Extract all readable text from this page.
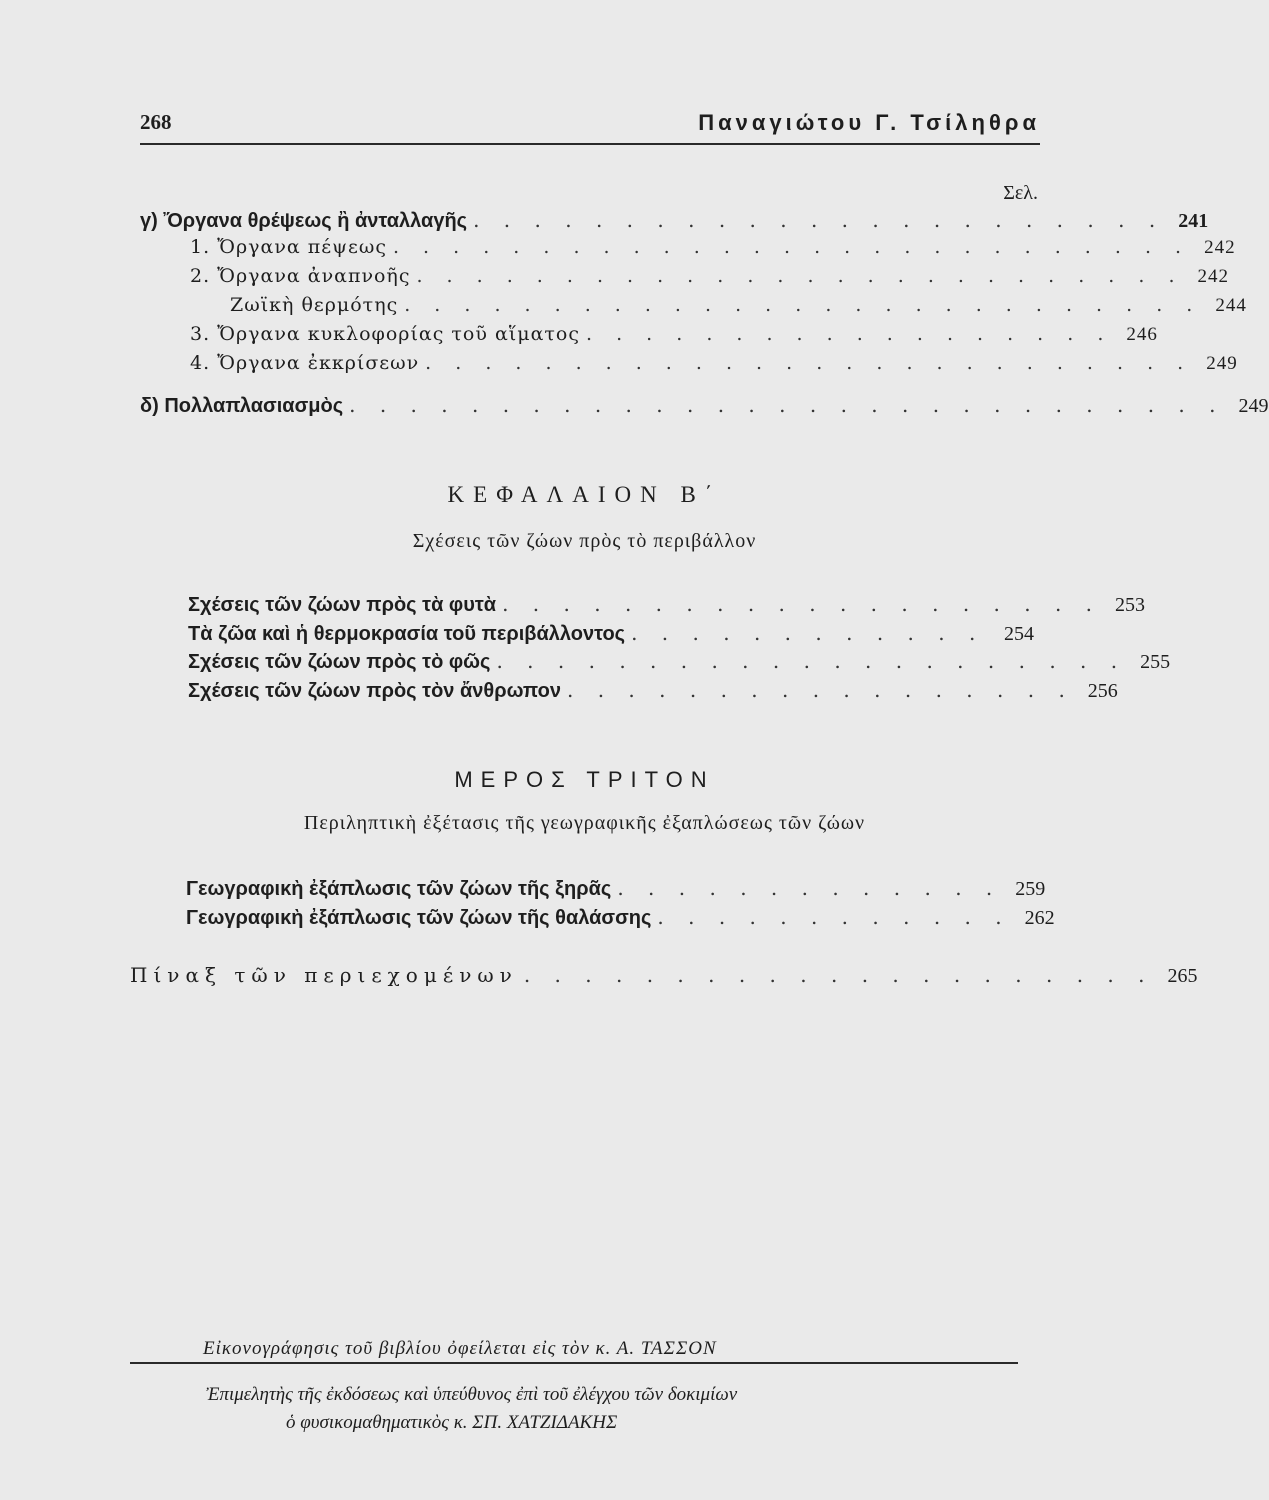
268	Παναγιώτου Γ. Τσίληθρα
Σελ.
γ) Ὄργανα θρέψεως ἢ ἀνταλλαγῆς . . . . . . . . . . . . . . . . . . . . . . . 241
1. Ὄργανα πέψεως . . . . . . . . . . . . . . . . . . . . . . . . . . . 242
2. Ὄργανα ἀναπνοῆς . . . . . . . . . . . . . . . . . . . . . . . . . . 242
Ζωϊκὴ θερμότης . . . . . . . . . . . . . . . . . . . . . . . . . . . 244
3. Ὄργανα κυκλοφορίας τοῦ αἵματος . . . . . . . . . . . . . . . . . . 246
4. Ὄργανα ἐκκρίσεων . . . . . . . . . . . . . . . . . . . . . . . . . . 249
δ) Πολλαπλασιασμὸς . . . . . . . . . . . . . . . . . . . . . . . . . . . . . 249
ΚΕΦΑΛΑΙΟΝ Β΄
Σχέσεις τῶν ζώων πρὸς τὸ περιβάλλον
Σχέσεις τῶν ζώων πρὸς τὰ φυτὰ . . . . . . . . . . . . . . . . . . . . 253
Τὰ ζῶα καὶ ἡ θερμοκρασία τοῦ περιβάλλοντος . . . . . . . . . . . . 254
Σχέσεις τῶν ζώων πρὸς τὸ φῶς . . . . . . . . . . . . . . . . . . . . . 255
Σχέσεις τῶν ζώων πρὸς τὸν ἄνθρωπον . . . . . . . . . . . . . . . . . 256
ΜΕΡΟΣ ΤΡΙΤΟΝ
Περιληπτικὴ ἐξέτασις τῆς γεωγραφικῆς ἐξαπλώσεως τῶν ζώων
Γεωγραφικὴ ἐξάπλωσις τῶν ζώων τῆς ξηρᾶς . . . . . . . . . . . . . 259
Γεωγραφικὴ ἐξάπλωσις τῶν ζώων τῆς θαλάσσης . . . . . . . . . . . . 262
Πίναξ τῶν περιεχομένων . . . . . . . . . . . . . . . . . . . . . 265
Εἰκονογράφησις τοῦ βιβλίου ὀφείλεται εἰς τὸν κ. Α. ΤΑΣΣΟΝ
Ἐπιμελητὴς τῆς ἐκδόσεως καὶ ὑπεύθυνος ἐπὶ τοῦ ἐλέγχου τῶν δοκιμίων
ὁ φυσικομαθηματικὸς κ. ΣΠ. ΧΑΤΖΙΔΑΚΗΣ
